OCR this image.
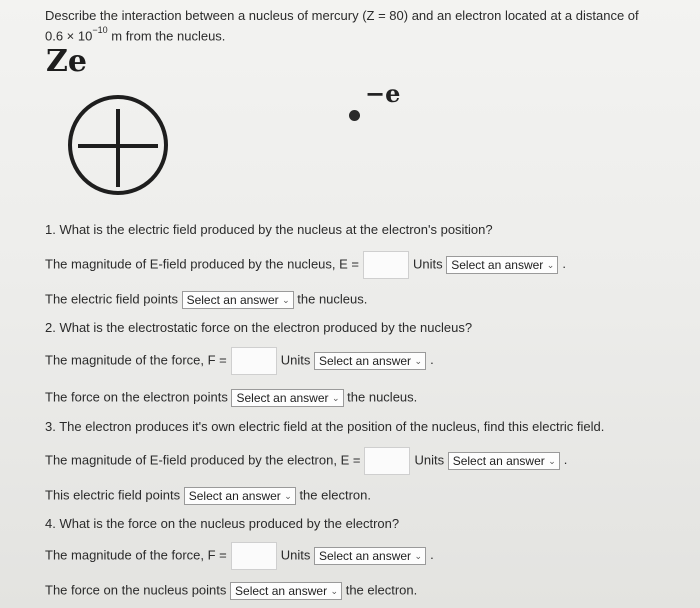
Describe the interaction between a nucleus of mercury (Z = 80) and an electron located at a distance of
$0.6 \times 10^{-10}$ m from the nucleus.
Ze
−e
1. What is the electric field produced by the nucleus at the electron's position?
The magnitude of E-field produced by the nucleus, E =	Units Select an answer ⌄ .
The electric field points Select an answer ⌄ the nucleus.
2. What is the electrostatic force on the electron produced by the nucleus?
The magnitude of the force, F =	Units Select an answer ⌄ .
The force on the electron points Select an answer ⌄ the nucleus.
3. The electron produces it's own electric field at the position of the nucleus, find this electric field.
The magnitude of E-field produced by the electron, E =	Units Select an answer ⌄ .
This electric field points Select an answer ⌄ the electron.
4. What is the force on the nucleus produced by the electron?
The magnitude of the force, F =	Units Select an answer ⌄ .
The force on the nucleus points Select an answer ⌄ the electron.
